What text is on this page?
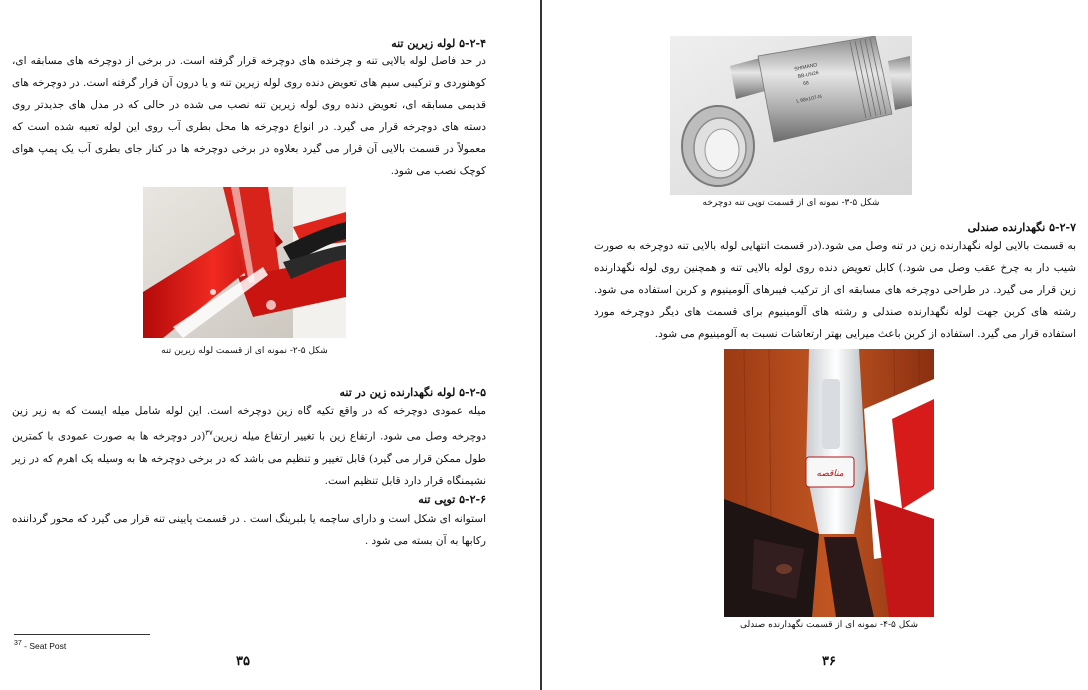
۵-۲-۴ لوله زیرین تنه
در حد فاصل لوله بالایی تنه و چرخنده های دوچرخه قرار گرفته است. در برخی از دوچرخه های مسابقه ای، کوهنوردی و ترکیبی سیم های تعویض دنده روی لوله زیرین تنه و یا درون آن قرار گرفته است. در دوچرخه های قدیمی مسابقه ای، تعویض دنده روی لوله زیرین تنه نصب می شده در حالی که در مدل های جدیدتر روی دسته های دوچرخه قرار می گیرد. در انواع دوچرخه ها محل بطری آب روی این لوله تعبیه شده است که معمولاً در قسمت بالایی آن قرار می گیرد بعلاوه در برخی دوچرخه ها در کنار جای بطری آب یک پمپ هوای کوچک نصب می شود.
شکل ۵-۲- نمونه ای از قسمت لوله زیرین تنه
۵-۲-۵ لوله نگهدارنده زین در تنه
میله عمودی دوچرخه که در واقع تکیه گاه زین دوچرخه است. این لوله شامل میله ایست که به زیر زین دوچرخه وصل می شود. ارتفاع زین با تغییر ارتفاع میله زیرین$^{۳۷}$(در دوچرخه ها به صورت عمودی با کمترین طول ممکن قرار می گیرد) قابل تغییر و تنظیم می باشد که در برخی دوچرخه ها به وسیله یک اهرم که در زیر نشیمنگاه قرار دارد قابل تنظیم است.
۵-۲-۶ توپی تنه
استوانه ای شکل است و دارای ساچمه یا بلبرینگ است . در قسمت پایینی تنه قرار می گیرد که محور گرداننده رکابها به آن بسته می شود .
$^{37}$ - Seat Post
۳۵
SHIMANO
BB-UN26
68
L 68x107-N
شکل ۵-۳- نمونه ای از قسمت توپی تنه دوچرخه
۵-۲-۷ نگهدارنده صندلی
به قسمت بالایی لوله نگهدارنده زین در تنه وصل می شود.(در قسمت انتهایی لوله بالایی تنه دوچرخه به صورت شیب دار به چرخ عقب وصل می شود.) کابل تعویض دنده روی لوله بالایی تنه و همچنین روی لوله نگهدارنده زین قرار می گیرد. در طراحی دوچرخه های مسابقه ای از ترکیب فیبرهای آلومینیوم و کربن استفاده می شود. رشته های کربن جهت لوله نگهدارنده صندلی و رشته های آلومینیوم برای قسمت های دیگر دوچرخه مورد استفاده قرار می گیرد. استفاده از کربن باعث میرایی بهتر ارتعاشات نسبت به آلومینیوم می شود.
ﻣﻨﺎﻗﺼﻪ
شکل ۵-۴- نمونه ای از قسمت نگهدارنده صندلی
۳۶
